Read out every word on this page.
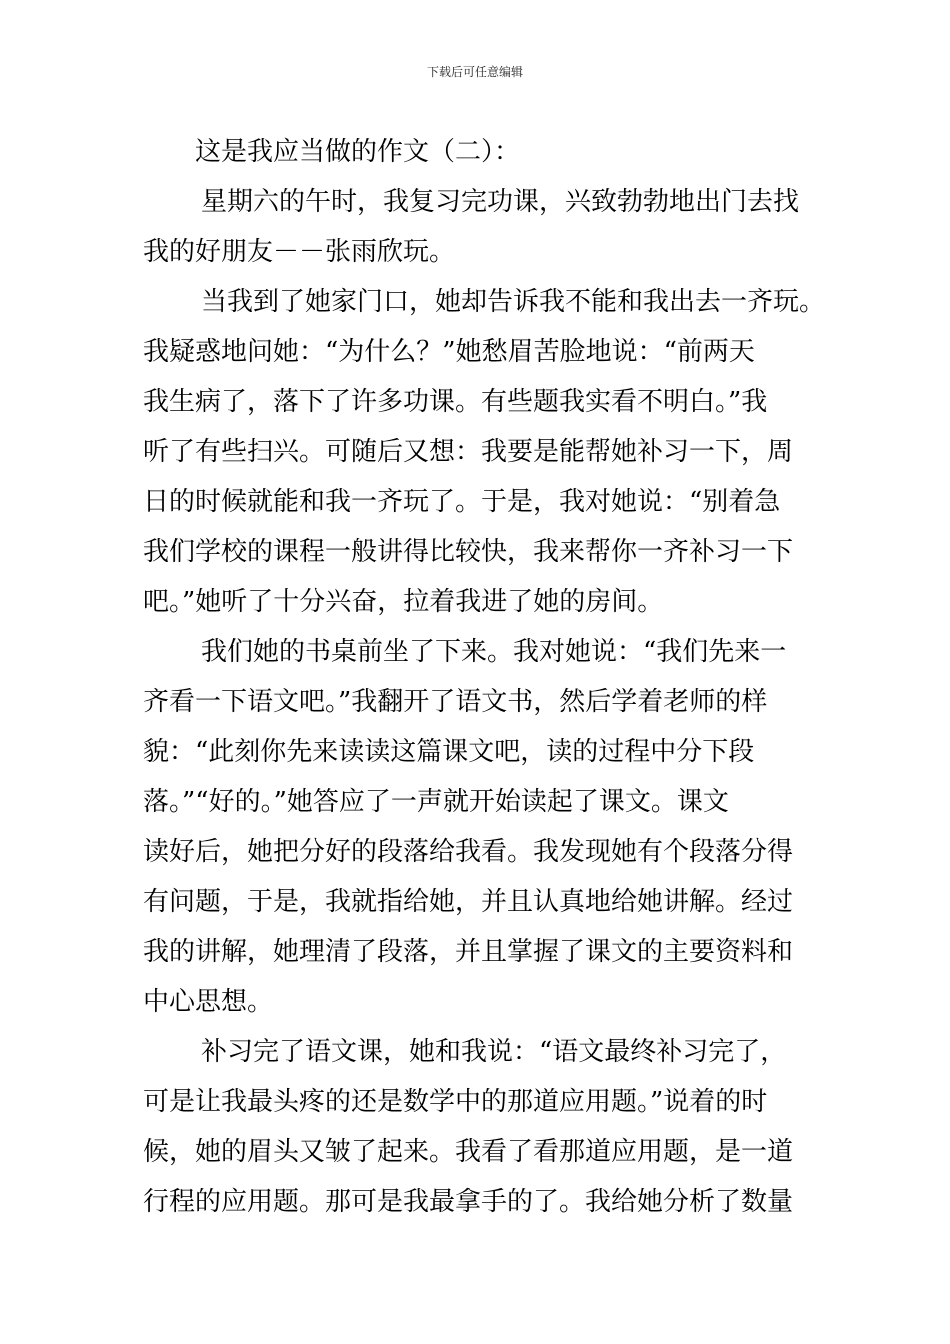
下载后可任意编辑
这是我应当做的作文（二）：
星期六的午时，我复习完功课，兴致勃勃地出门去找
我的好朋友－－张雨欣玩。
当我到了她家门口，她却告诉我不能和我出去一齐玩。
我疑惑地问她：“为什么？”她愁眉苦脸地说：“前两天
我生病了，落下了许多功课。有些题我实看不明白。”我
听了有些扫兴。可随后又想：我要是能帮她补习一下，周
日的时候就能和我一齐玩了。于是，我对她说：“别着急
我们学校的课程一般讲得比较快，我来帮你一齐补习一下
吧。”她听了十分兴奋，拉着我进了她的房间。
我们她的书桌前坐了下来。我对她说：“我们先来一
齐看一下语文吧。”我翻开了语文书，然后学着老师的样
貌：“此刻你先来读读这篇课文吧，读的过程中分下段
落。”“好的。”她答应了一声就开始读起了课文。课文
读好后，她把分好的段落给我看。我发现她有个段落分得
有问题，于是，我就指给她，并且认真地给她讲解。经过
我的讲解，她理清了段落，并且掌握了课文的主要资料和
中心思想。
补习完了语文课，她和我说：“语文最终补习完了，
可是让我最头疼的还是数学中的那道应用题。”说着的时
候，她的眉头又皱了起来。我看了看那道应用题，是一道
行程的应用题。那可是我最拿手的了。我给她分析了数量
